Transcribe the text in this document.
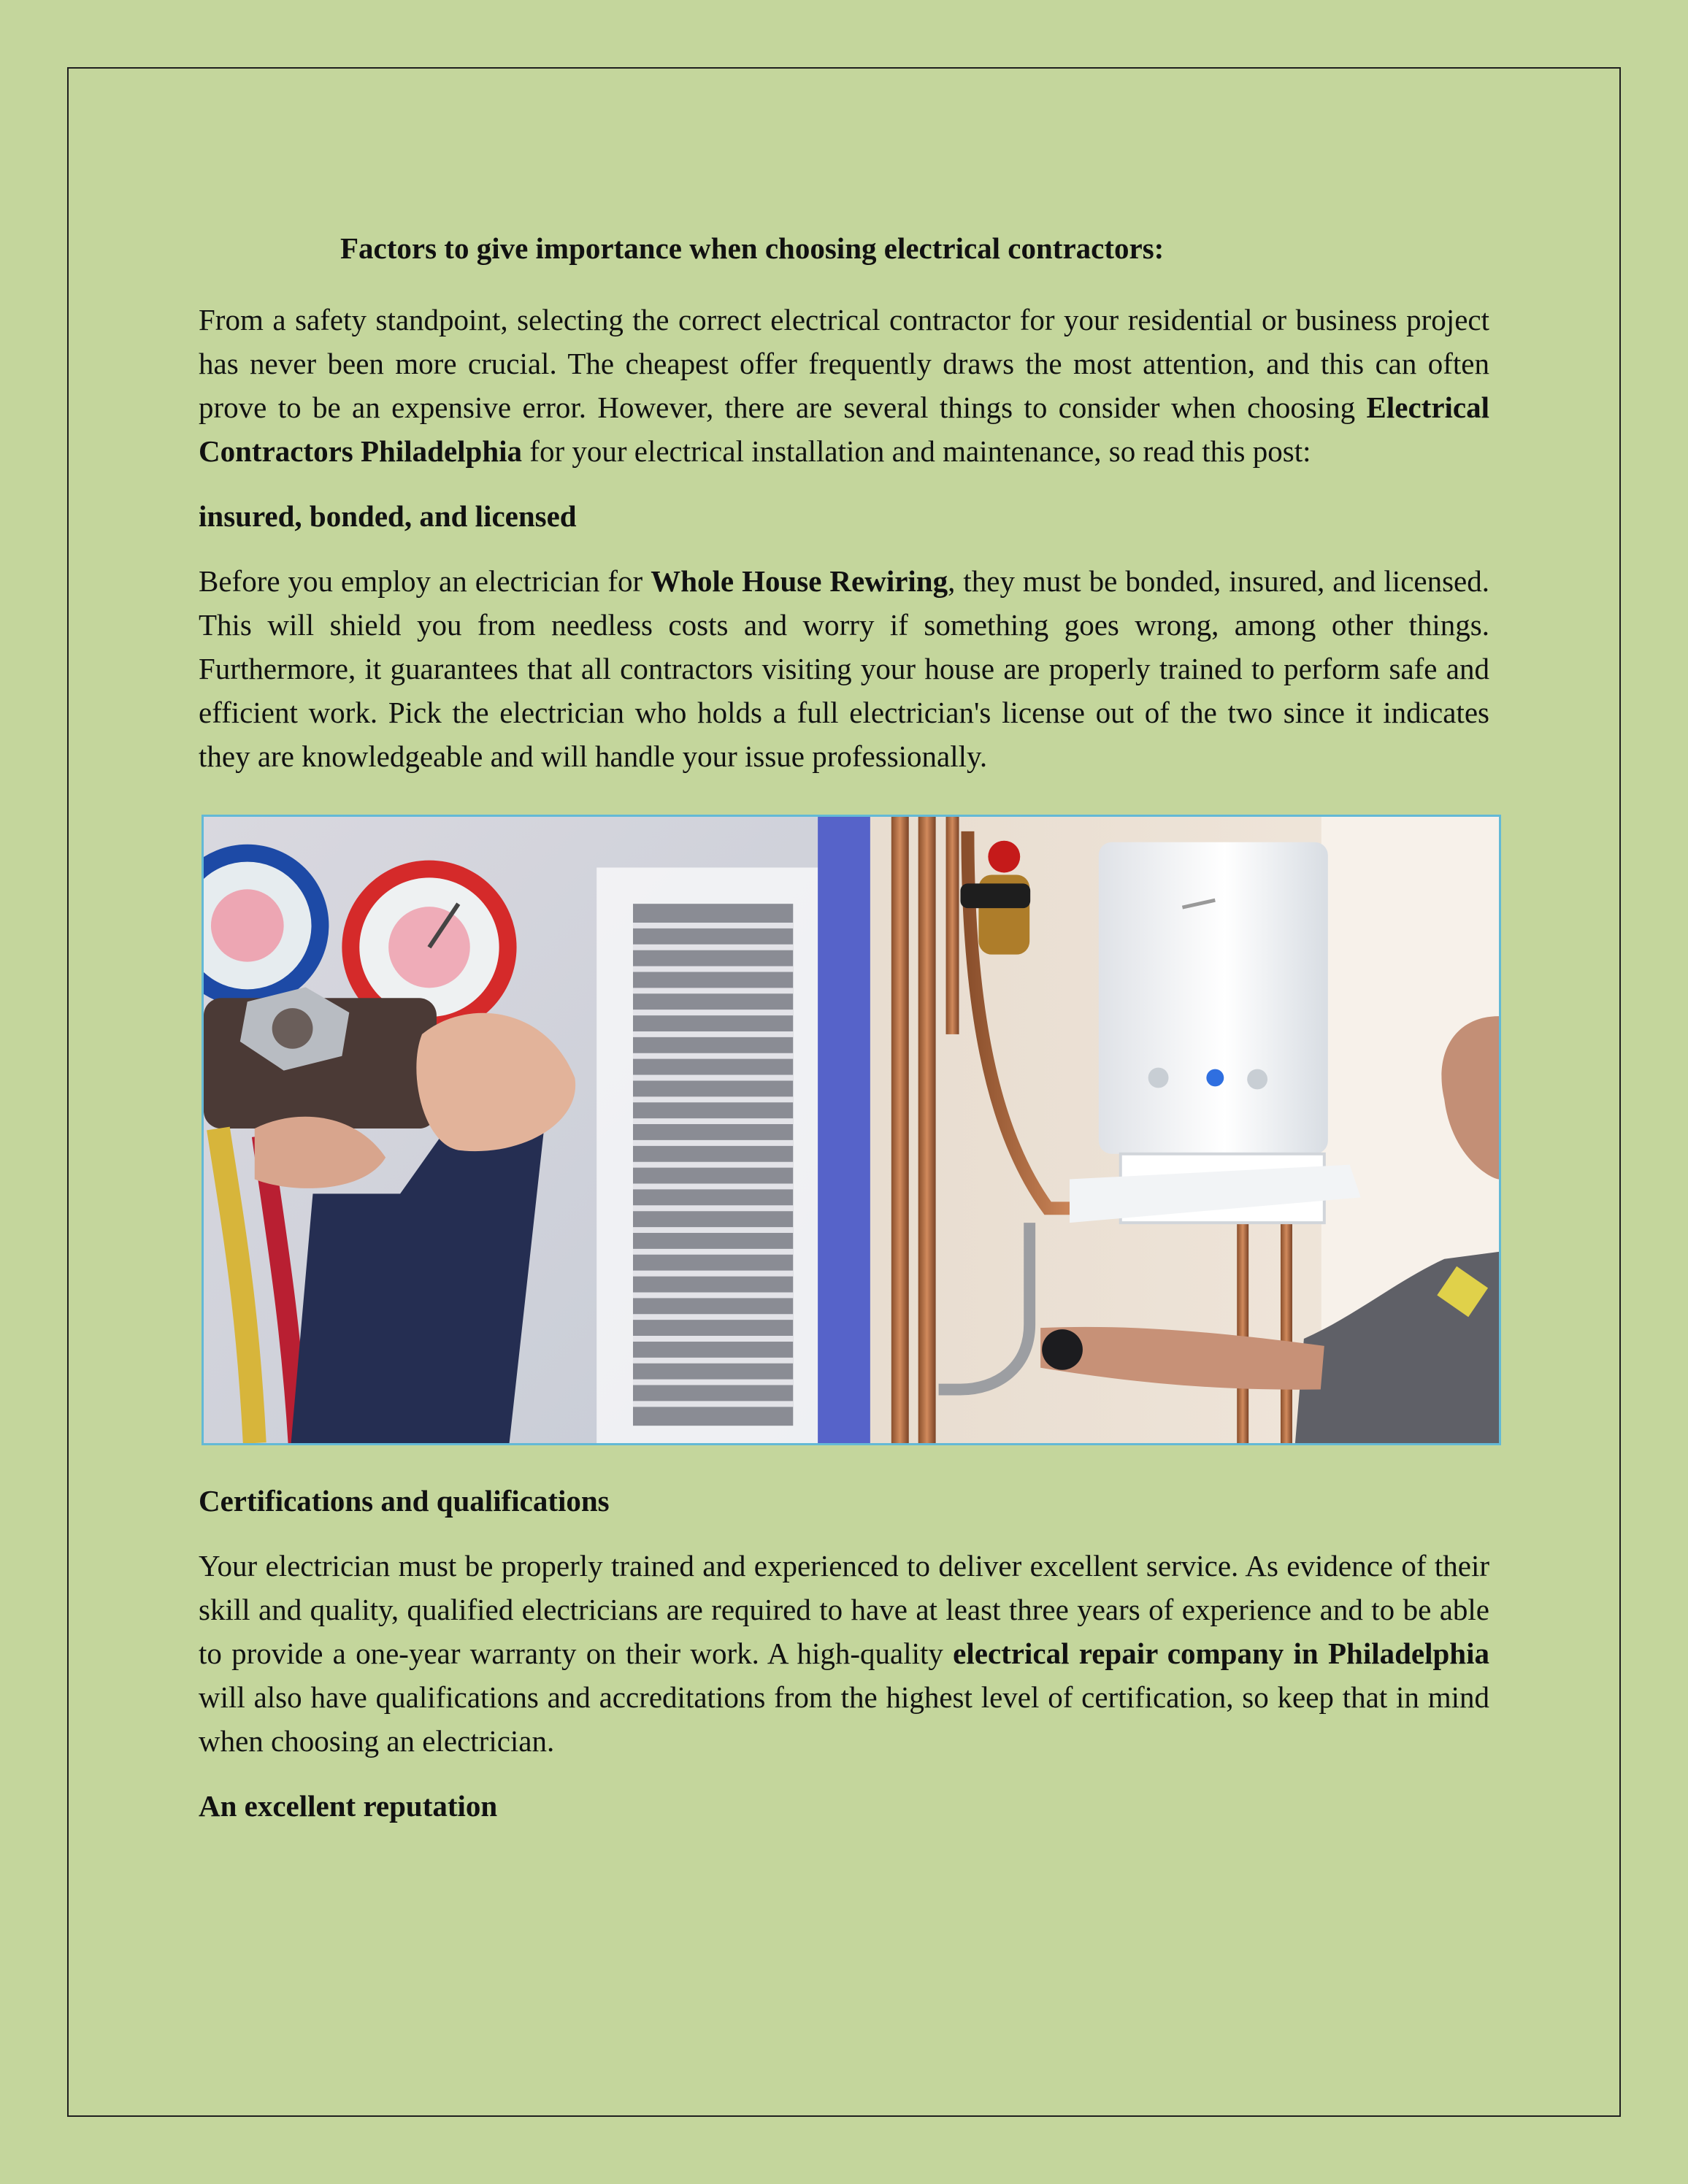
Factors to give importance when choosing electrical contractors:

From a safety standpoint, selecting the correct electrical contractor for your residential or business project has never been more crucial. The cheapest offer frequently draws the most attention, and this can often prove to be an expensive error. However, there are several things to consider when choosing Electrical Contractors Philadelphia for your electrical installation and maintenance, so read this post:

insured, bonded, and licensed

Before you employ an electrician for Whole House Rewiring, they must be bonded, insured, and licensed. This will shield you from needless costs and worry if something goes wrong, among other things. Furthermore, it guarantees that all contractors visiting your house are properly trained to perform safe and efficient work. Pick the electrician who holds a full electrician's license out of the two since it indicates they are knowledgeable and will handle your issue professionally.

Certifications and qualifications

Your electrician must be properly trained and experienced to deliver excellent service. As evidence of their skill and quality, qualified electricians are required to have at least three years of experience and to be able to provide a one-year warranty on their work. A high-quality electrical repair company in Philadelphia will also have qualifications and accreditations from the highest level of certification, so keep that in mind when choosing an electrician.

An excellent reputation
